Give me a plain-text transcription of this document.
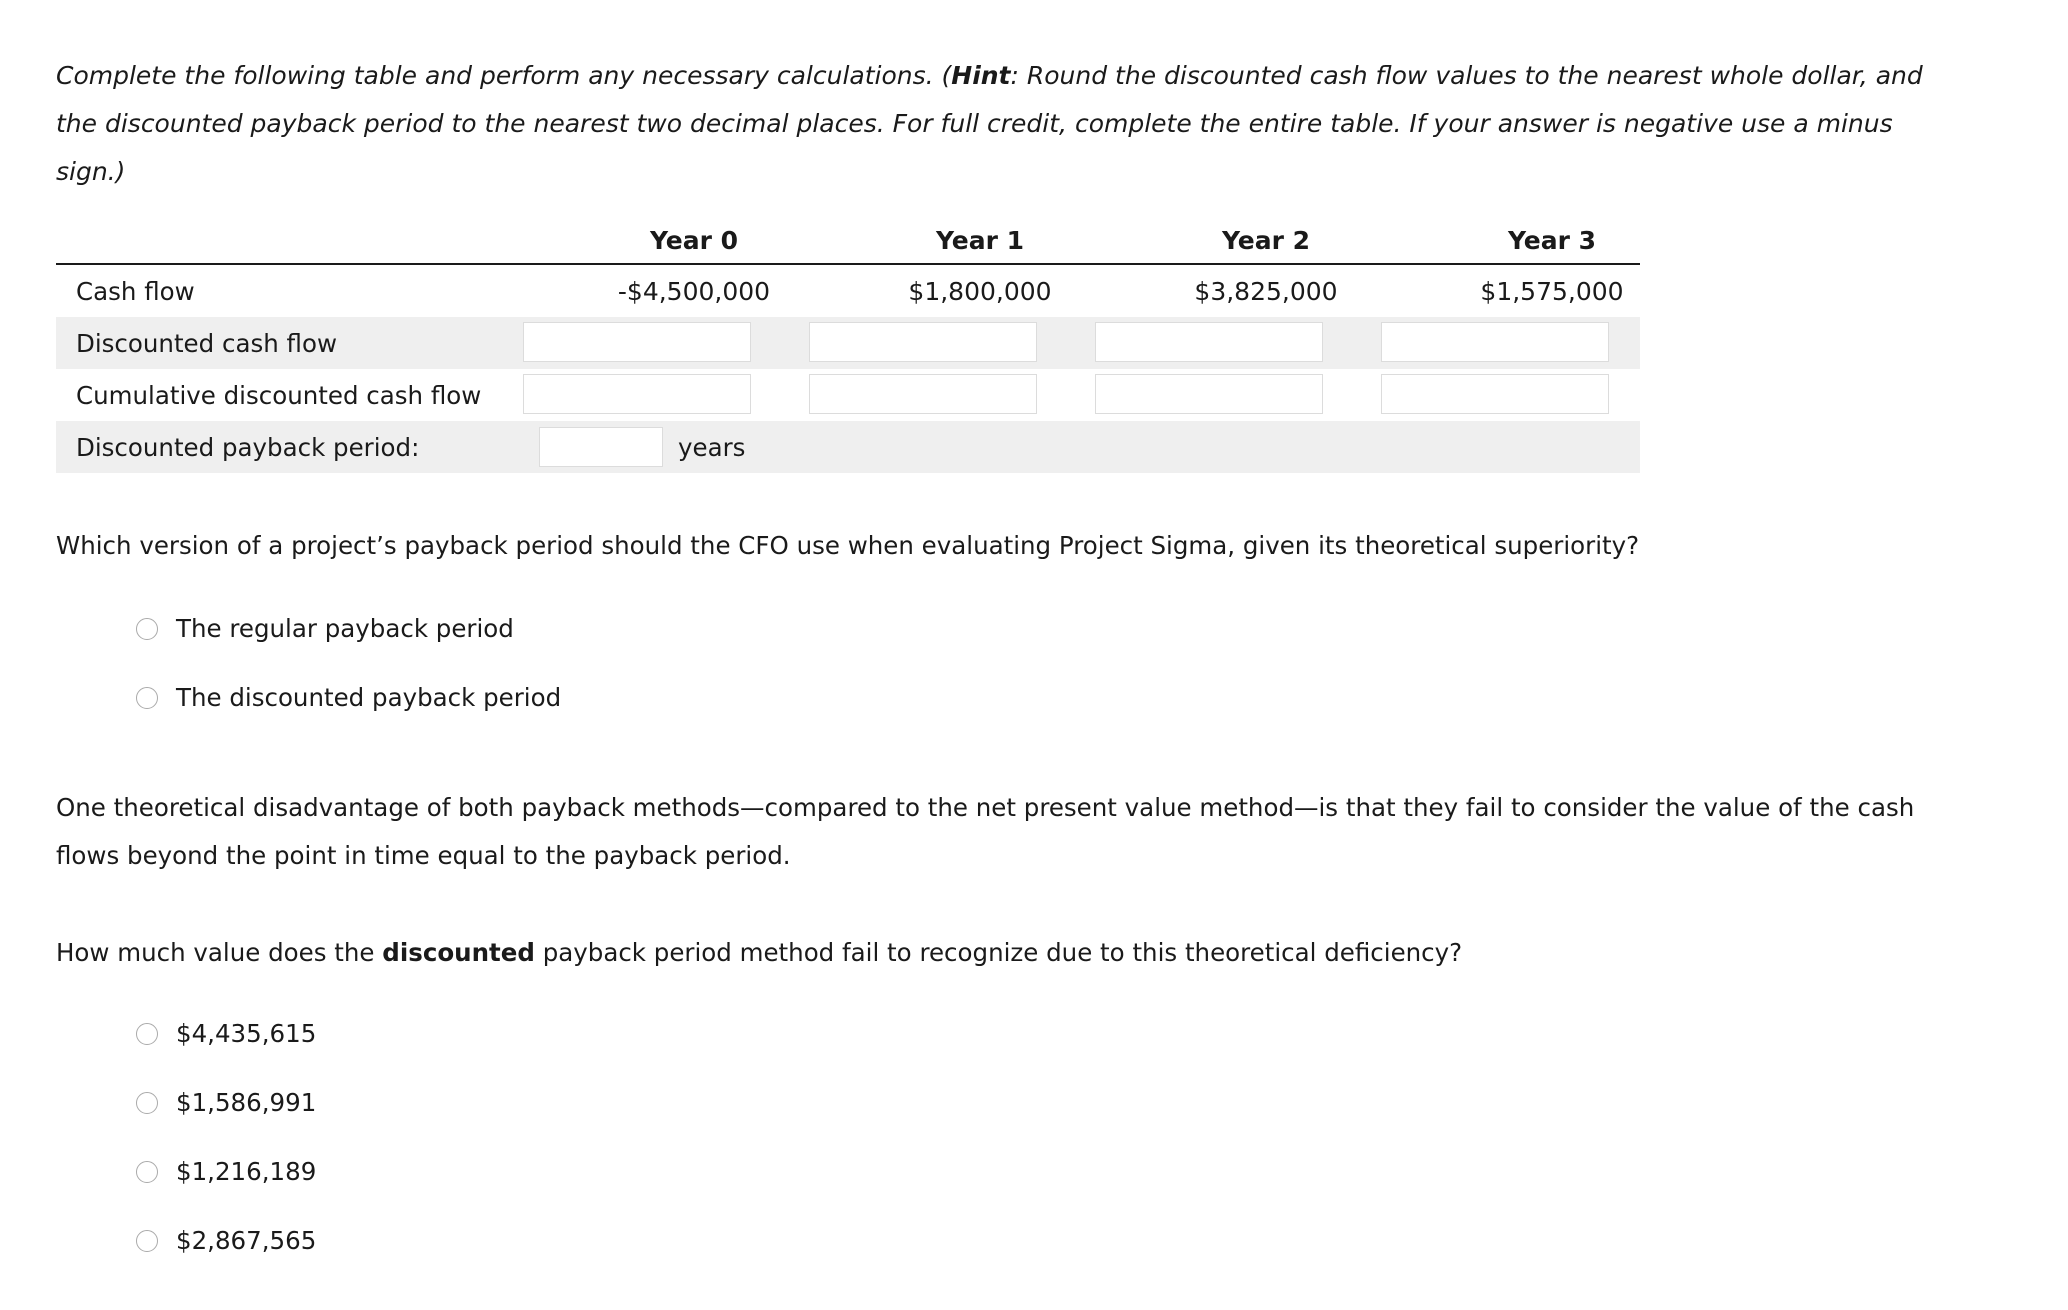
Complete the following table and perform any necessary calculations. (Hint: Round the discounted cash flow values to the nearest whole dollar, and
the discounted payback period to the nearest two decimal places. For full credit, complete the entire table. If your answer is negative use a minus
sign.)
Year 0	Year 1	Year 2	Year 3
Cash flow	-$4,500,000	$1,800,000	$3,825,000	$1,575,000
Discounted cash flow
Cumulative discounted cash flow
Discounted payback period:	years
Which version of a project’s payback period should the CFO use when evaluating Project Sigma, given its theoretical superiority?
The regular payback period
The discounted payback period
One theoretical disadvantage of both payback methods—compared to the net present value method—is that they fail to consider the value of the cash
flows beyond the point in time equal to the payback period.
How much value does the discounted payback period method fail to recognize due to this theoretical deficiency?
$4,435,615
$1,586,991
$1,216,189
$2,867,565
